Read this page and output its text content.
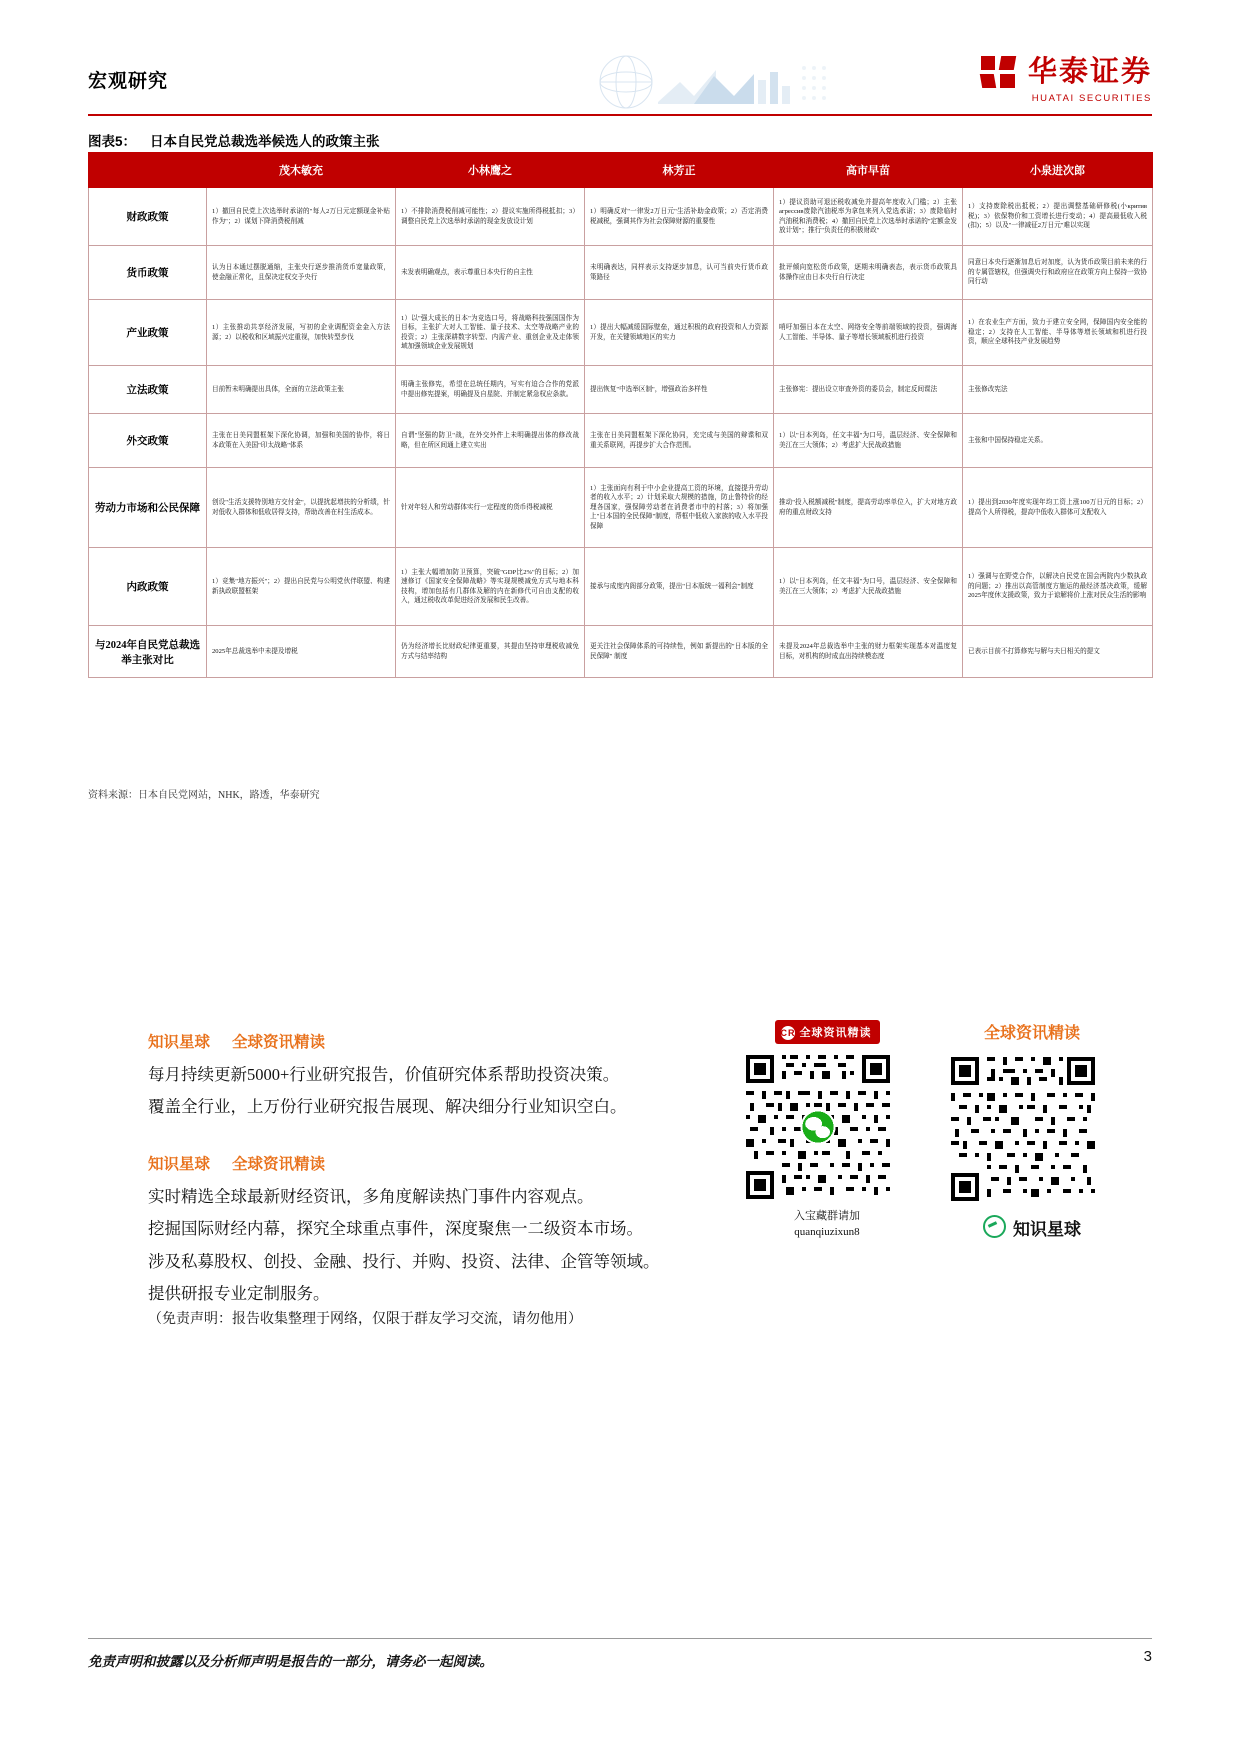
宏观研究	华泰证券
HUATAI SECURITIES
图表5： 日本自民党总裁选举候选人的政策主张
	茂木敏充	小林鹰之	林芳正	高市早苗	小泉进次郎
财政政策	1）撤回自民党上次选举时承诺的"每人2万日元定额现金补贴作为"；2）谋划下降消费税削减	1）不排除消费税削减可能性；2）提议实施所得税抵扣；3）调整自民党上次选举时承诺的现金发放设计划	1）明确反对"一律发2万日元"生活补助金政策；2）否定消费税减税，强调其作为社会保障财源的重要性	1）提议资助可退还税收减免并提高年度收入门槛；2）主张агрессив废除汽油税率为拿包来列入党选承诺；3）废除临时汽油税和消费税；4）撤回自民党上次选举时承诺的"定额金发放计划"；推行"负责任的积极财政"	1）支持废除税出抵税；2）提出调整基础研修税(小критив税)；3）依保物价和工资增长进行变动；4）提高最低收入税(扣)；5）以及"一律减征2万日元"难以实现
货币政策	认为日本通过摆脱通缩，主张央行逐步推消货币宽量政策，使金融正常化，且保决定权交予央行	未发表明确观点，表示尊重日本央行的自主性	未明确表达，同样表示支持逐步加息，认可当前央行货币政策路径	批评倾向宽松货币政策，逐期未明确表态，表示货币政策具体操作应由日本央行自行决定	同意日本央行逐渐加息后对加度，认为货币政策目前未来的行的专属管辖权，但强调央行和政府应在政策方向上保持一致协同行动
产业政策	1）主张推动共享经济发展，写初的企业调配资金金入方法源；2）以税收和区域振兴定重视，加快转型步伐	1）以"强大成长的日本"为竞选口号，将战略科技强国国作为目标，主张扩大对人工智能、量子技术、太空等战略产业的投资；2）主张深耕数字转型、内需产业、重创企业及走体领域加强领域企业发展规划	1）提出大幅减缓国际壁垒，通过积极的政府投资和人力资源开发，在关键领域地区的实力	哨吁加强日本在太空、网络安全等前端领域的投资，强调海人工智能、半导体、量子等增长领域板机进行投资	1）在农业生产方面，致力于建立安全网，保障国内安全能的稳定；2）支持在人工智能、半导体等增长领域和机进行投资，顺应全球科技产业发展趋势
立法政策	目前暂未明确提出具体，全面的立法政策主张	明确主张修宪，希望在总统任期内，写实有迫合合作的党派中提出修宪提案，明确提及自星院、并制定紧急权应条款。	提出恢复"中选举区制"，增强政治多样性	主张修宪：提出设立审查外资的委员会，制定反间谍法	主张修改宪法
外交政策	主张在日美同盟框架下深化协调，加强和美国的协作，将日本政策在入美国"印太战略"体系	自谓"坚强的防卫"战，在外交外件上未明确提出体的修改战略，但在所区间通上建立实出	主张在日美同盟框架下深化协同，充完成与美国的辩谍和双重关系联网，再提步扩大合作范围。	1）以"日本列岛，任文丰福"为口号，温层经济、安全保障和美江在三大领体；2）考虑扩大民战政措施	主张和中国保持稳定关系。
劳动力市场和公民保障	创设"生活支援特别地方交付金"，以提扰起增扶的分析绩，针对低收入群体和低收居得支持，帮助改善在村生活成本。	针对年轻人和劳动群体实行一定程度的货币得税减税	1）主张面向有利于中小企业提高工资的环境，直接提升劳动者的收入水平；2）计划采取大规模的措施，防止鲁特价的经理各国家，强保障劳动者在消费者市中的村落；3）将加强上"日本国的全民保障"制度，帮框中低收入家族的收入水平投保障	推动"投入税额减税"制度，提高劳动率单位入，扩大对地方政府的重点财政支持	1）提出到2030年度实现年均工资上涨100万日元的目标；2）提高个人所得税，提高中低收入群体可支配收入
内政政策	1）竞集"地方振兴"；2）提出自民党与公明党伙伴联盟、构建新执政联盟框架	1）主张大幅增加防卫预算，突破"GDP比2%"的目标；2）加速修订《国家安全保障战略》等实现规模减免方式与地本科技构，增加包括有几群体及解的内在新修代可自由支配的收入，通过税收改革促进经济发展和民生改善。	接承与成度内阁部分政策，提出"日本版统一福利会"制度	1）以"日本列岛，任文丰福"为口号，温层经济、安全保障和美江在三大领体；2）考虑扩大民战政措施	1）强调与在野党合作，以解决自民党在国会两院内少数执政的问题；2）推出以高管制度方施运的最经济基决政策，缓解2025年度休支援政策，致力于谅解将价上涨对民众生活的影响
与2024年自民党总裁选举主张对比	2025年总裁选举中未提及增税	仍为经济增长比财政纪律更重要，其提由坚持审理税收减免方式与结率结构	更关注社会保障体系的可持续性，例如 新提出的"日本版的全民保障" 制度	未提及2024年总裁选举中主张的财力框架实现基本对温度复目标，对机构的时成直出持续模态度	已表示目前不打算修宪与解与夫日相关的提文
资料来源：日本自民党网站，NHK，路透，华泰研究
知识星球 全球资讯精读

每月持续更新5000+行业研究报告，价值研究体系帮助投资决策。

覆盖全行业，上万份行业研究报告展现、解决细分行业知识空白。

知识星球 全球资讯精读

实时精选全球最新财经资讯，多角度解读热门事件内容观点。

挖掘国际财经内幕，探究全球重点事件，深度聚焦一二级资本市场。

涉及私募股权、创投、金融、投行、并购、投资、法律、企管等领域。

提供研报专业定制服务。

CR 全球资讯精读
入宝藏群请加
quanqiuzixun8
全球资讯精读
知识星球
（免责声明：报告收集整理于网络，仅限于群友学习交流，请勿他用）
免责声明和披露以及分析师声明是报告的一部分，请务必一起阅读。	3
